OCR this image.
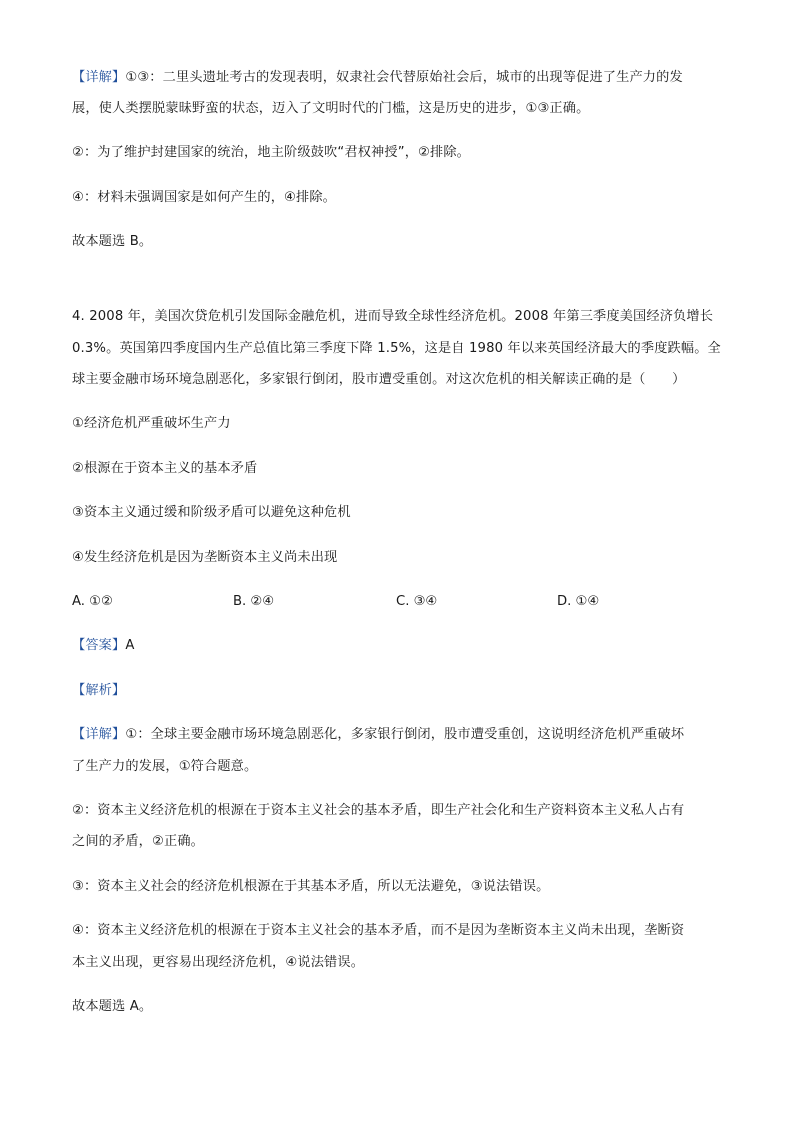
【详解】①③：二里头遗址考古的发现表明，奴隶社会代替原始社会后，城市的出现等促进了生产力的发
展，使人类摆脱蒙昧野蛮的状态，迈入了文明时代的门槛，这是历史的进步，①③正确。
②：为了维护封建国家的统治，地主阶级鼓吹“君权神授”，②排除。
④：材料未强调国家是如何产生的，④排除。
故本题选 B。
4. 2008 年，美国次贷危机引发国际金融危机，进而导致全球性经济危机。2008 年第三季度美国经济负增长
0.3%。英国第四季度国内生产总值比第三季度下降 1.5%，这是自 1980 年以来英国经济最大的季度跌幅。全
球主要金融市场环境急剧恶化，多家银行倒闭，股市遭受重创。对这次危机的相关解读正确的是（　　）
①经济危机严重破坏生产力
②根源在于资本主义的基本矛盾
③资本主义通过缓和阶级矛盾可以避免这种危机
④发生经济危机是因为垄断资本主义尚未出现
A. ①②	B. ②④	C. ③④	D. ①④
【答案】A
【解析】
【详解】①：全球主要金融市场环境急剧恶化，多家银行倒闭，股市遭受重创，这说明经济危机严重破坏
了生产力的发展，①符合题意。
②：资本主义经济危机的根源在于资本主义社会的基本矛盾，即生产社会化和生产资料资本主义私人占有
之间的矛盾，②正确。
③：资本主义社会的经济危机根源在于其基本矛盾，所以无法避免，③说法错误。
④：资本主义经济危机的根源在于资本主义社会的基本矛盾，而不是因为垄断资本主义尚未出现，垄断资
本主义出现，更容易出现经济危机，④说法错误。
故本题选 A。
